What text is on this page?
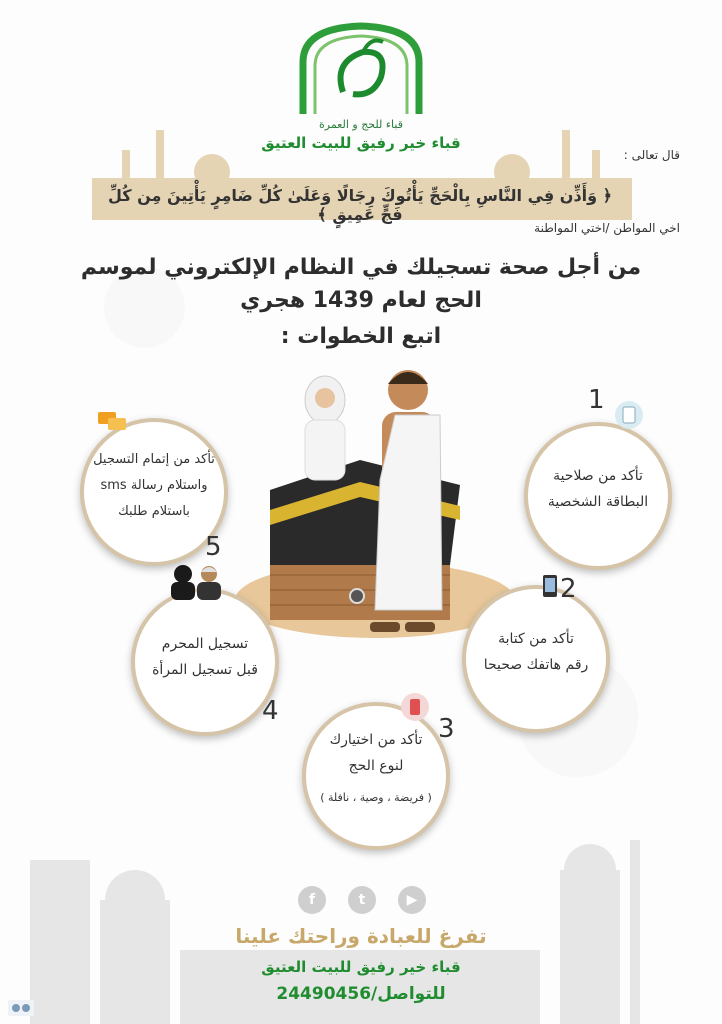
قباء للحج و العمرة
قباء خير رفيق للبيت العتيق
قال تعالى :
﴿ وَأَذِّن فِي النَّاسِ بِالْحَجِّ يَأْتُوكَ رِجَالًا وَعَلَىٰ كُلِّ ضَامِرٍ يَأْتِينَ مِن كُلِّ فَجٍّ عَمِيقٍ ﴾
اخي المواطن /اختي المواطنة
من أجل صحة تسجيلك في النظام الإلكتروني لموسم
الحج لعام 1439 هجري
اتبع الخطوات :
تأكد من صلاحية
البطاقة الشخصية
1
تأكد من كتابة
رقم هاتفك صحيحا
2
تأكد من اختيارك
لنوع الحج
( فريضة ، وصية ، نافلة )
3
تسجيل المحرم
قبل تسجيل المرأة
4
تأكد من إتمام التسجيل
واستلام رسالة sms
باستلام طلبك
5
f	t	▶
تفرغ للعبادة وراحتك علينا
قباء خير رفيق للبيت العتيق
للتواصل/24490456
